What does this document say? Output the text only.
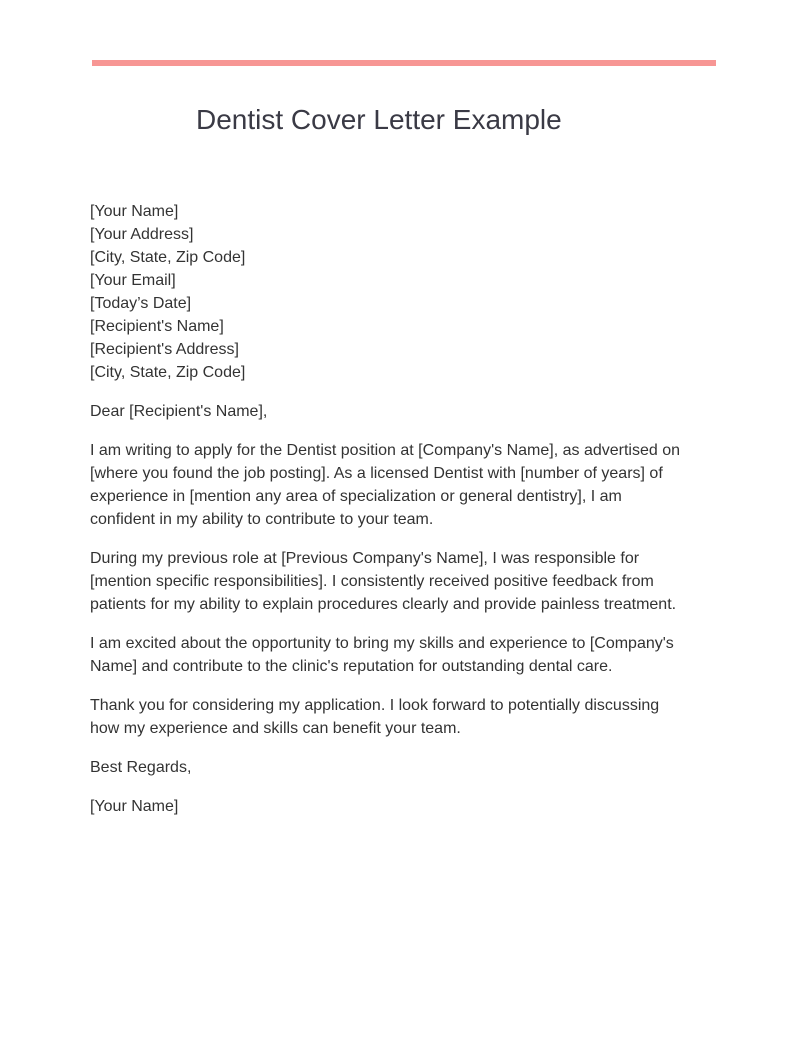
Dentist Cover Letter Example
[Your Name]
[Your Address]
[City, State, Zip Code]
[Your Email]
[Today’s Date]
[Recipient's Name]
[Recipient's Address]
[City, State, Zip Code]
Dear [Recipient's Name],
I am writing to apply for the Dentist position at [Company's Name], as advertised on
[where you found the job posting]. As a licensed Dentist with [number of years] of
experience in [mention any area of specialization or general dentistry], I am
confident in my ability to contribute to your team.
During my previous role at [Previous Company's Name], I was responsible for
[mention specific responsibilities]. I consistently received positive feedback from
patients for my ability to explain procedures clearly and provide painless treatment.
I am excited about the opportunity to bring my skills and experience to [Company's
Name] and contribute to the clinic's reputation for outstanding dental care.
Thank you for considering my application. I look forward to potentially discussing
how my experience and skills can benefit your team.
Best Regards,
[Your Name]
